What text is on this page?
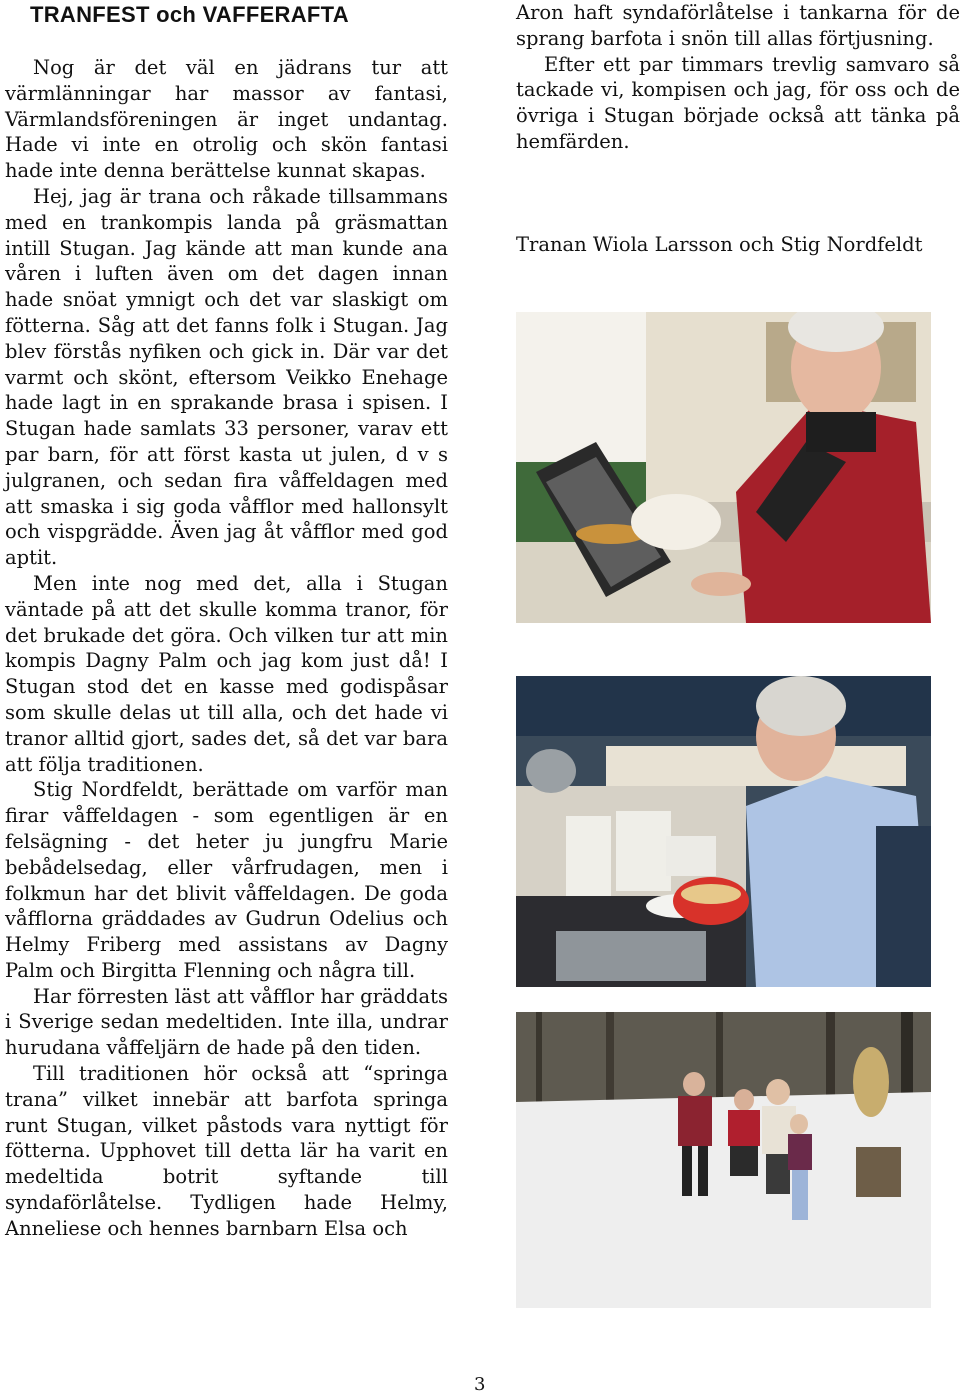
TRANFEST och VAFFERAFTA

Nog är det väl en jädrans tur att värmlänningar har massor av fantasi, Värmlandsföreningen är inget undantag. Hade vi inte en otrolig och skön fantasi hade inte denna berättelse kunnat skapas.

Hej, jag är trana och råkade tillsammans med en trankompis landa på gräsmattan intill Stugan. Jag kände att man kunde ana våren i luften även om det dagen innan hade snöat ymnigt och det var slaskigt om fötterna. Såg att det fanns folk i Stugan. Jag blev förstås nyfiken och gick in. Där var det varmt och skönt, eftersom Veikko Enehage hade lagt in en sprakande brasa i spisen. I Stugan hade samlats 33 personer, varav ett par barn, för att först kasta ut julen, d v s julgranen, och sedan fira våffeldagen med att smaska i sig goda våfflor med hallonsylt och vispgrädde. Även jag åt våfflor med god aptit.

Men inte nog med det, alla i Stugan väntade på att det skulle komma tranor, för det brukade det göra. Och vilken tur att min kompis Dagny Palm och jag kom just då! I Stugan stod det en kasse med godispåsar som skulle delas ut till alla, och det hade vi tranor alltid gjort, sades det, så det var bara att följa traditionen.

Stig Nordfeldt, berättade om varför man firar våffeldagen - som egentligen är en felsägning - det heter ju jungfru Marie bebådelsedag, eller vårfrudagen, men i folkmun har det blivit våffeldagen. De goda våfflorna gräddades av Gudrun Odelius och Helmy Friberg med assistans av Dagny Palm och Birgitta Flenning och några till.

Har förresten läst att våfflor har gräddats i Sverige sedan medeltiden. Inte illa, undrar hurudana våffeljärn de hade på den tiden.

Till traditionen hör också att “springa trana” vilket innebär att barfota springa runt Stugan, vilket påstods vara nyttigt för fötterna. Upphovet till detta lär ha varit en medeltida botrit syftande till syndaförlåtelse. Tydligen hade Helmy, Anneliese och hennes barnbarn Elsa och

Aron haft syndaförlåtelse i tankarna för de sprang barfota i snön till allas förtjusning.

Efter ett par timmars trevlig samvaro så tackade vi, kompisen och jag, för oss och de övriga i Stugan började också att tänka på hemfärden.

Tranan Wiola Larsson och Stig Nordfeldt
3
